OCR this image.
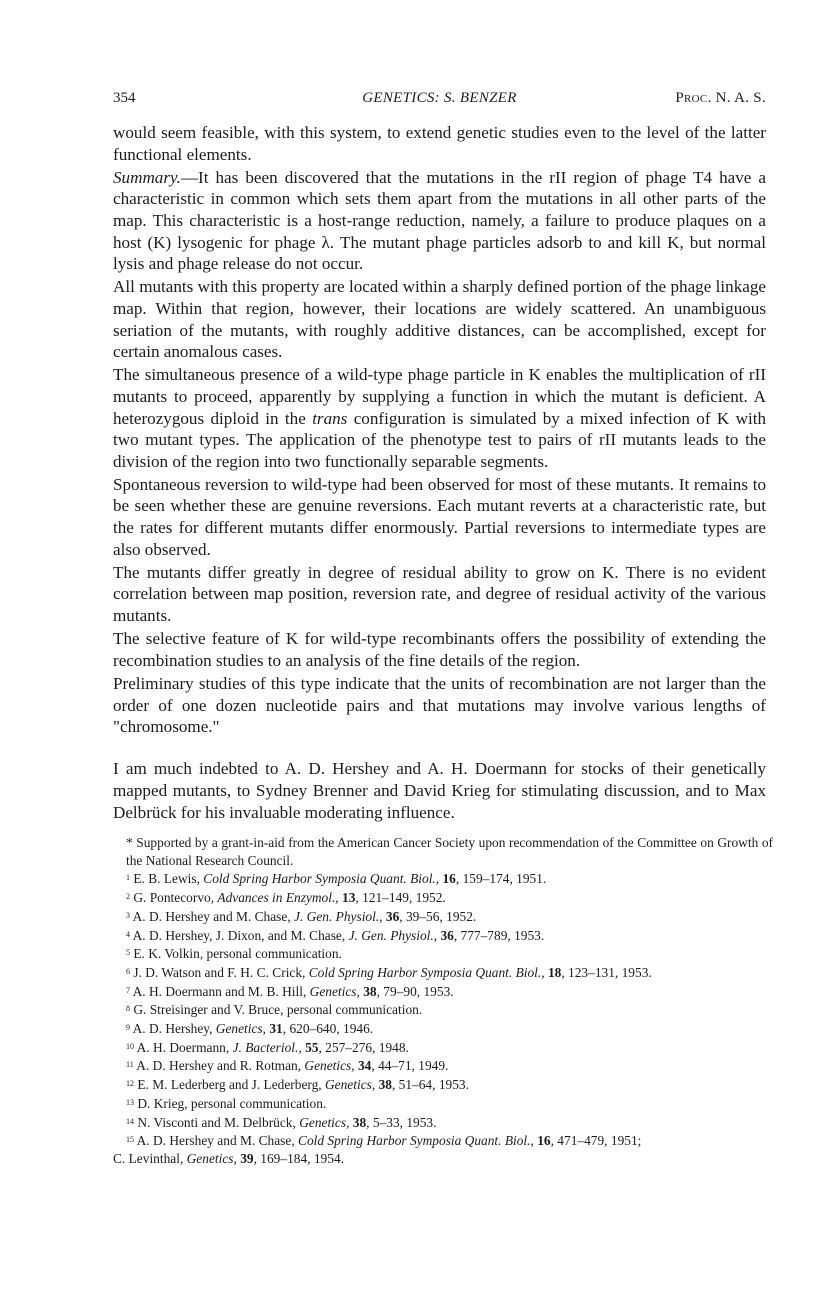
354	GENETICS: S. BENZER	Proc. N. A. S.

would seem feasible, with this system, to extend genetic studies even to the level of the latter functional elements.

Summary.—It has been discovered that the mutations in the rII region of phage T4 have a characteristic in common which sets them apart from the mutations in all other parts of the map. This characteristic is a host-range reduction, namely, a failure to produce plaques on a host (K) lysogenic for phage λ. The mutant phage particles adsorb to and kill K, but normal lysis and phage release do not occur.

All mutants with this property are located within a sharply defined portion of the phage linkage map. Within that region, however, their locations are widely scattered. An unambiguous seriation of the mutants, with roughly additive distances, can be accomplished, except for certain anomalous cases.

The simultaneous presence of a wild-type phage particle in K enables the multiplication of rII mutants to proceed, apparently by supplying a function in which the mutant is deficient. A heterozygous diploid in the trans configuration is simulated by a mixed infection of K with two mutant types. The application of the phenotype test to pairs of rII mutants leads to the division of the region into two functionally separable segments.

Spontaneous reversion to wild-type had been observed for most of these mutants. It remains to be seen whether these are genuine reversions. Each mutant reverts at a characteristic rate, but the rates for different mutants differ enormously. Partial reversions to intermediate types are also observed.

The mutants differ greatly in degree of residual ability to grow on K. There is no evident correlation between map position, reversion rate, and degree of residual activity of the various mutants.

The selective feature of K for wild-type recombinants offers the possibility of extending the recombination studies to an analysis of the fine details of the region.

Preliminary studies of this type indicate that the units of recombination are not larger than the order of one dozen nucleotide pairs and that mutations may involve various lengths of "chromosome."

I am much indebted to A. D. Hershey and A. H. Doermann for stocks of their genetically mapped mutants, to Sydney Brenner and David Krieg for stimulating discussion, and to Max Delbrück for his invaluable moderating influence.

* Supported by a grant-in-aid from the American Cancer Society upon recommendation of the Committee on Growth of the National Research Council.

$^1$ E. B. Lewis, Cold Spring Harbor Symposia Quant. Biol., 16, 159–174, 1951.

$^2$ G. Pontecorvo, Advances in Enzymol., 13, 121–149, 1952.

$^3$ A. D. Hershey and M. Chase, J. Gen. Physiol., 36, 39–56, 1952.

$^4$ A. D. Hershey, J. Dixon, and M. Chase, J. Gen. Physiol., 36, 777–789, 1953.

$^5$ E. K. Volkin, personal communication.

$^6$ J. D. Watson and F. H. C. Crick, Cold Spring Harbor Symposia Quant. Biol., 18, 123–131, 1953.

$^7$ A. H. Doermann and M. B. Hill, Genetics, 38, 79–90, 1953.

$^8$ G. Streisinger and V. Bruce, personal communication.

$^9$ A. D. Hershey, Genetics, 31, 620–640, 1946.

$^{10}$ A. H. Doermann, J. Bacteriol., 55, 257–276, 1948.

$^{11}$ A. D. Hershey and R. Rotman, Genetics, 34, 44–71, 1949.

$^{12}$ E. M. Lederberg and J. Lederberg, Genetics, 38, 51–64, 1953.

$^{13}$ D. Krieg, personal communication.

$^{14}$ N. Visconti and M. Delbrück, Genetics, 38, 5–33, 1953.

$^{15}$ A. D. Hershey and M. Chase, Cold Spring Harbor Symposia Quant. Biol., 16, 471–479, 1951;

C. Levinthal, Genetics, 39, 169–184, 1954.
